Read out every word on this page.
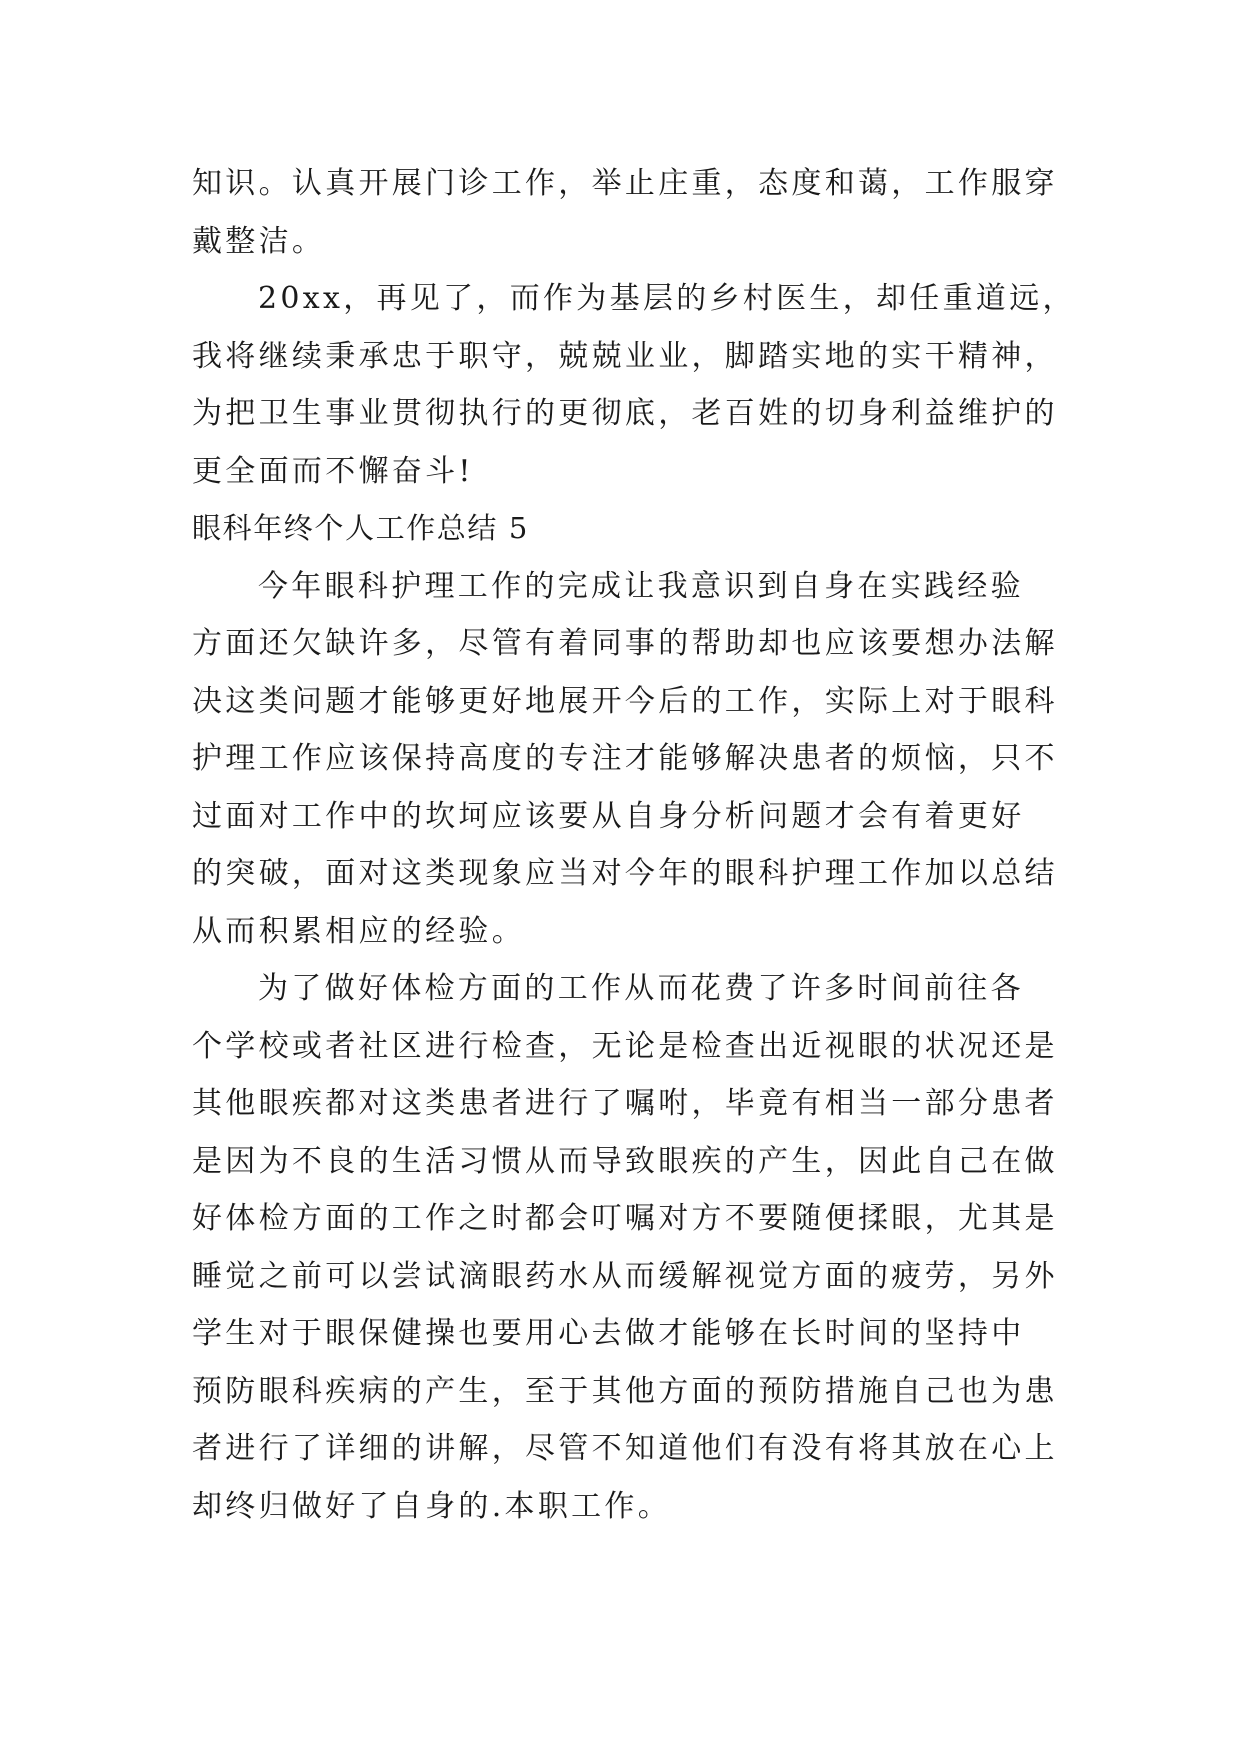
知识。认真开展门诊工作，举止庄重，态度和蔼，工作服穿
戴整洁。

20xx，再见了，而作为基层的乡村医生，却任重道远，
我将继续秉承忠于职守，兢兢业业，脚踏实地的实干精神，
为把卫生事业贯彻执行的更彻底，老百姓的切身利益维护的
更全面而不懈奋斗!

眼科年终个人工作总结 5

今年眼科护理工作的完成让我意识到自身在实践经验
方面还欠缺许多，尽管有着同事的帮助却也应该要想办法解
决这类问题才能够更好地展开今后的工作，实际上对于眼科
护理工作应该保持高度的专注才能够解决患者的烦恼，只不
过面对工作中的坎坷应该要从自身分析问题才会有着更好
的突破，面对这类现象应当对今年的眼科护理工作加以总结
从而积累相应的经验。

为了做好体检方面的工作从而花费了许多时间前往各
个学校或者社区进行检查，无论是检查出近视眼的状况还是
其他眼疾都对这类患者进行了嘱咐，毕竟有相当一部分患者
是因为不良的生活习惯从而导致眼疾的产生，因此自己在做
好体检方面的工作之时都会叮嘱对方不要随便揉眼，尤其是
睡觉之前可以尝试滴眼药水从而缓解视觉方面的疲劳，另外
学生对于眼保健操也要用心去做才能够在长时间的坚持中
预防眼科疾病的产生，至于其他方面的预防措施自己也为患
者进行了详细的讲解，尽管不知道他们有没有将其放在心上
却终归做好了自身的.本职工作。
